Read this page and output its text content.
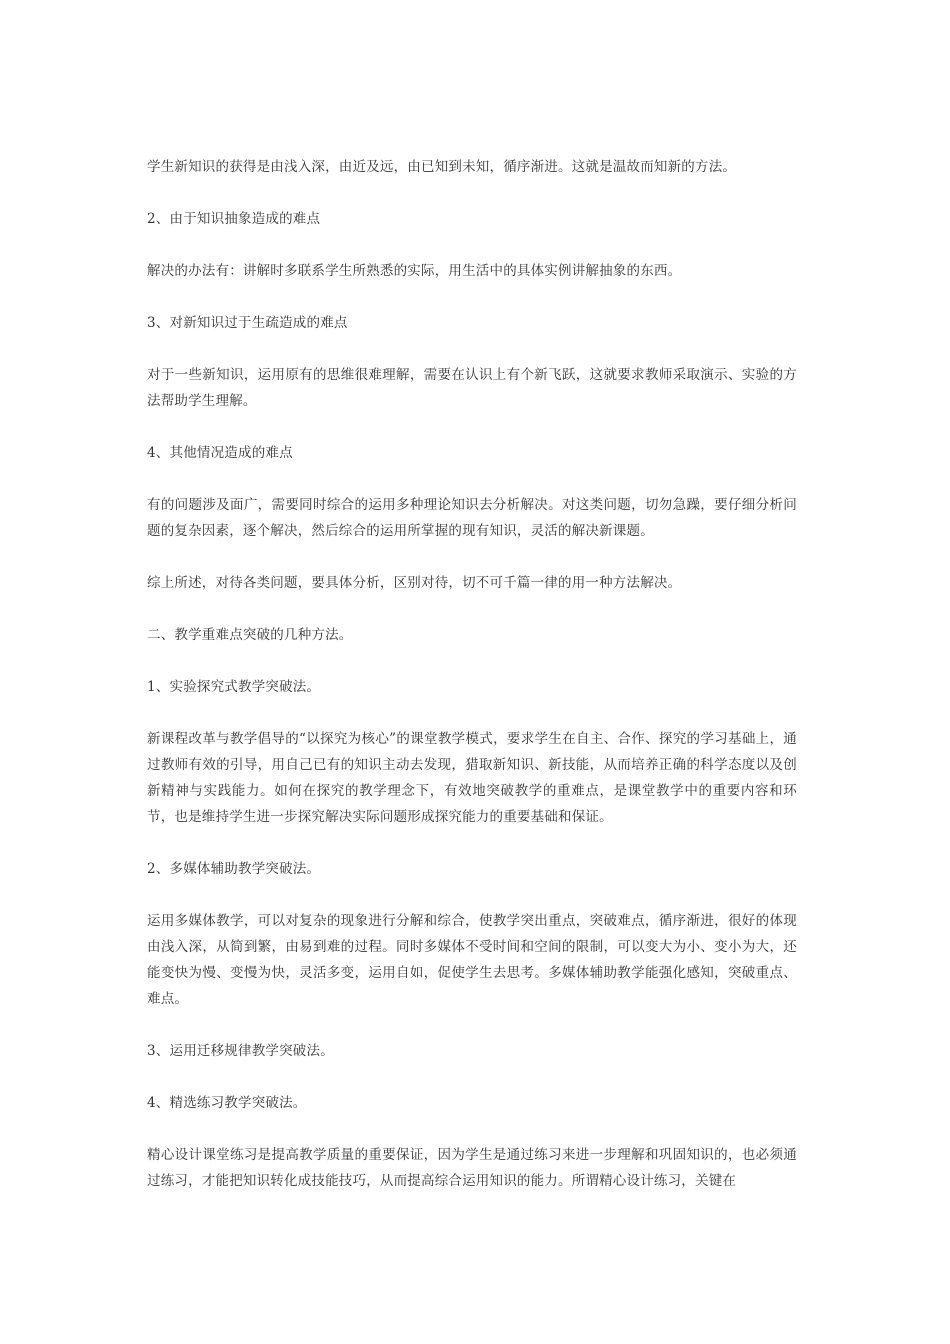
学生新知识的获得是由浅入深，由近及远，由已知到未知，循序渐进。这就是温故而知新的方法。

2、由于知识抽象造成的难点

解决的办法有：讲解时多联系学生所熟悉的实际，用生活中的具体实例讲解抽象的东西。

3、对新知识过于生疏造成的难点

对于一些新知识，运用原有的思维很难理解，需要在认识上有个新飞跃，这就要求教师采取演示、实验的方法帮助学生理解。

4、其他情况造成的难点

有的问题涉及面广，需要同时综合的运用多种理论知识去分析解决。对这类问题，切勿急躁，要仔细分析问题的复杂因素，逐个解决，然后综合的运用所掌握的现有知识，灵活的解决新课题。

综上所述，对待各类问题，要具体分析，区别对待，切不可千篇一律的用一种方法解决。

二、教学重难点突破的几种方法。

1、实验探究式教学突破法。

新课程改革与教学倡导的“以探究为核心”的课堂教学模式，要求学生在自主、合作、探究的学习基础上，通过教师有效的引导，用自己已有的知识主动去发现，猎取新知识、新技能，从而培养正确的科学态度以及创新精神与实践能力。如何在探究的教学理念下，有效地突破教学的重难点，是课堂教学中的重要内容和环节，也是维持学生进一步探究解决实际问题形成探究能力的重要基础和保证。

2、多媒体辅助教学突破法。

运用多媒体教学，可以对复杂的现象进行分解和综合，使教学突出重点，突破难点，循序渐进，很好的体现由浅入深，从简到繁，由易到难的过程。同时多媒体不受时间和空间的限制，可以变大为小、变小为大，还能变快为慢、变慢为快，灵活多变，运用自如，促使学生去思考。多媒体辅助教学能强化感知，突破重点、难点。

3、运用迁移规律教学突破法。

4、精选练习教学突破法。

精心设计课堂练习是提高教学质量的重要保证，因为学生是通过练习来进一步理解和巩固知识的，也必须通过练习，才能把知识转化成技能技巧，从而提高综合运用知识的能力。所谓精心设计练习，关键在
